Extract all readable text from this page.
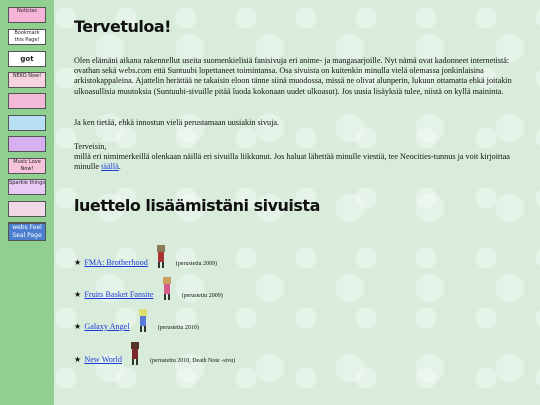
Noticias
Bookmark this Page!
got
NEKO Now!
Music Love Now!
Sparkle things
webs Feel Seal Page
Tervetuloa!

Olen elämäni aikana rakennellut useita suomenkielisiä fanisivuja eri anime- ja mangasarjoille. Nyt nämä ovat kadonneet internetistä: ovathan sekä webs.com että Suntuubi lopettaneet toimintansa. Osa sivuista on kuitenkin minulla vielä olemassa jonkinlaisina arkistokappaleina. Ajattelin herättää ne takaisin eloon tänne siinä muodossa, missä ne olivat alunperin, lukuun ottamatta ehkä joitakin ulkoasullisia muutoksia (Suntuubi-sivuille pitää luoda kokonaan uudet ulkoasut). Jos uusia lisäyksiä tulee, niistä on kyllä maininta.

Ja ken tietää, ehkä innostun vielä perustamaan uusiakin sivuja.

Terveisin,
millä eri nimimerkeillä olenkaan näillä eri sivuilla liikkunut. Jos haluat lähettää minulle viestiä, tee Neocities-tunnus ja voit kirjoittaa minulle täällä.

luettelo lisäämistäni sivuista
★ FMA: Brotherhood	(perustettu 2009)
★ Fruits Basket Fansite	(perustettu 2009)
★ Galaxy Angel	(perustettu 2010)
★ New World	(perustettu 2010, Death Note -sivu)
